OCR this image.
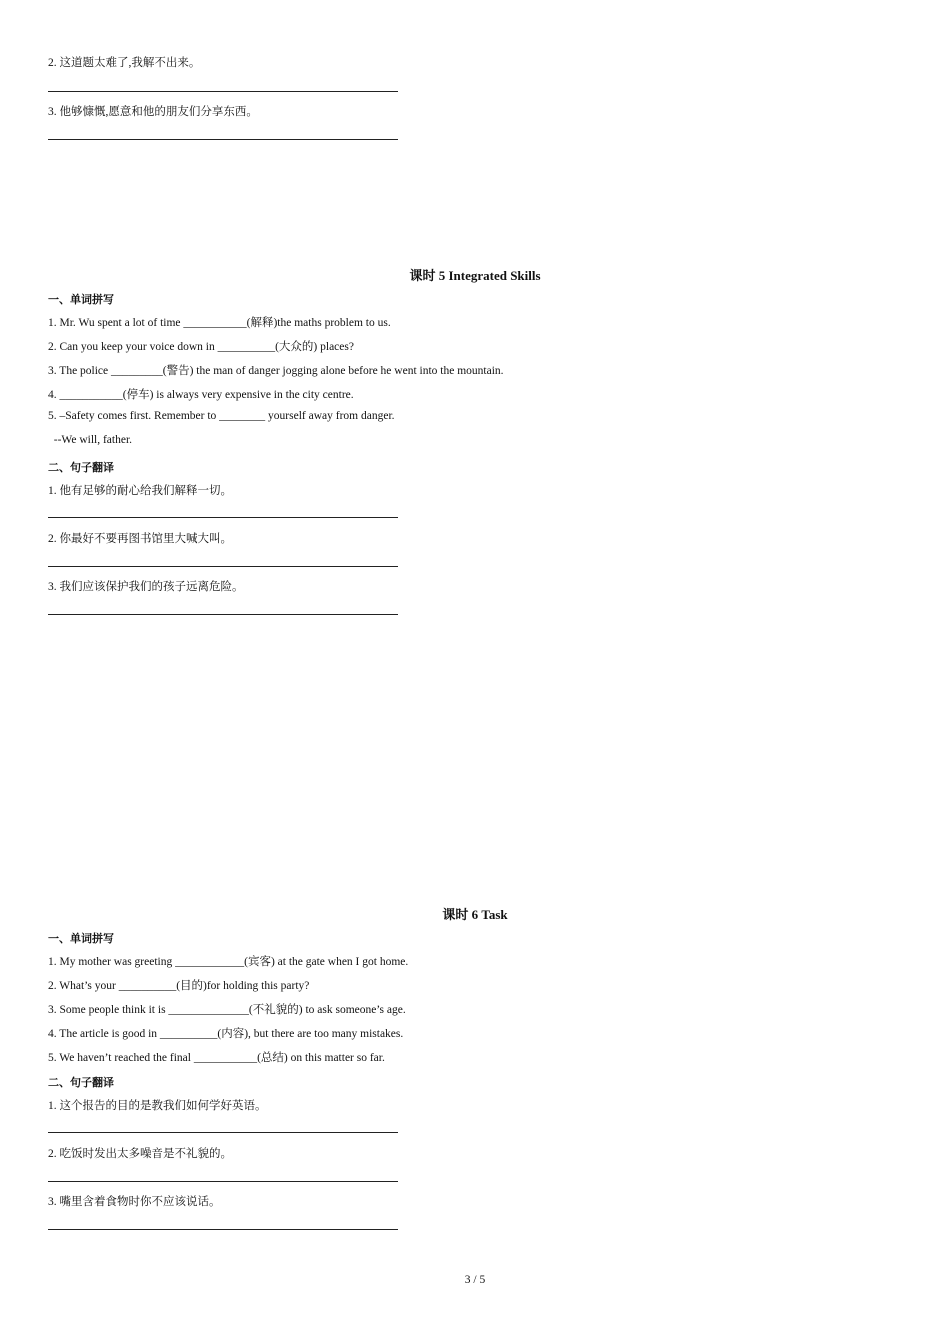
2. 这道题太难了,我解不出来。
3. 他够慷慨,愿意和他的朋友们分享东西。
课时 5 Integrated Skills
一、单词拼写
1. Mr. Wu spent a lot of time ___________(解释)the maths problem to us.
2. Can you keep your voice down in __________(大众的) places?
3. The police _________(警告) the man of danger jogging alone before he went into the mountain.
4. ___________(停车) is always very expensive in the city centre.
5. –Safety comes first. Remember to ________ yourself away from danger.
--We will, father.
二、句子翻译
1. 他有足够的耐心给我们解释一切。
2. 你最好不要再图书馆里大喊大叫。
3. 我们应该保护我们的孩子远离危险。
课时 6 Task
一、单词拼写
1. My mother was greeting ____________(宾客) at the gate when I got home.
2. What’s your __________(目的)for holding this party?
3. Some people think it is ______________(不礼貌的) to ask someone’s age.
4. The article is good in __________(内容), but there are too many mistakes.
5. We haven’t reached the final ___________(总结) on this matter so far.
二、句子翻译
1. 这个报告的目的是教我们如何学好英语。
2. 吃饭时发出太多噪音是不礼貌的。
3. 嘴里含着食物时你不应该说话。
3 / 5
